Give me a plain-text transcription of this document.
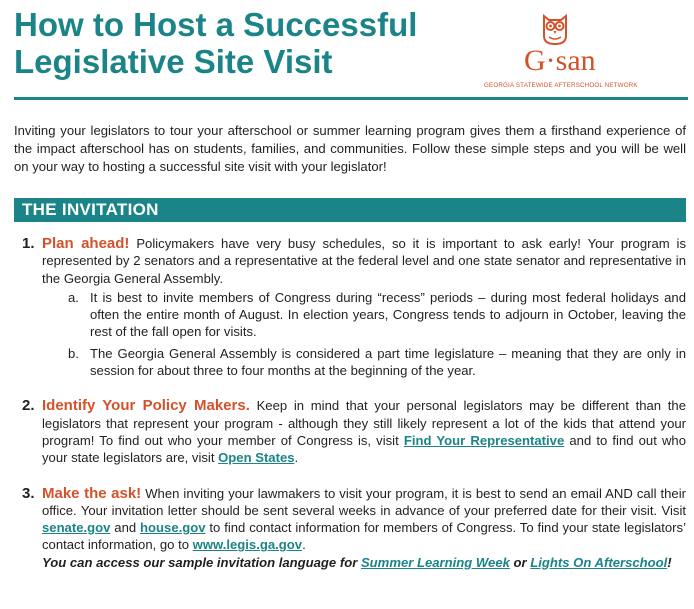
How to Host a Successful
Legislative Site Visit	G·san
GEORGIA STATEWIDE AFTERSCHOOL NETWORK

Inviting your legislators to tour your afterschool or summer learning program gives them a firsthand experience of the impact afterschool has on students, families, and communities. Follow these simple steps and you will be well on your way to hosting a successful site visit with your legislator!

THE INVITATION
1. Plan ahead! Policymakers have very busy schedules, so it is important to ask early! Your program is represented by 2 senators and a representative at the federal level and one state senator and representative in the Georgia General Assembly.
a. It is best to invite members of Congress during “recess” periods – during most federal holidays and often the entire month of August. In election years, Congress tends to adjourn in October, leaving the rest of the fall open for visits.
b. The Georgia General Assembly is considered a part time legislature – meaning that they are only in session for about three to four months at the beginning of the year.
2. Identify Your Policy Makers. Keep in mind that your personal legislators may be different than the legislators that represent your program - although they still likely represent a lot of the kids that attend your program! To find out who your member of Congress is, visit Find Your Representative and to find out who your state legislators are, visit Open States.
3. Make the ask! When inviting your lawmakers to visit your program, it is best to send an email AND call their office. Your invitation letter should be sent several weeks in advance of your preferred date for their visit. Visit senate.gov and house.gov to find contact information for members of Congress. To find your state legislators’ contact information, go to www.legis.ga.gov.
You can access our sample invitation language for Summer Learning Week or Lights On Afterschool!
